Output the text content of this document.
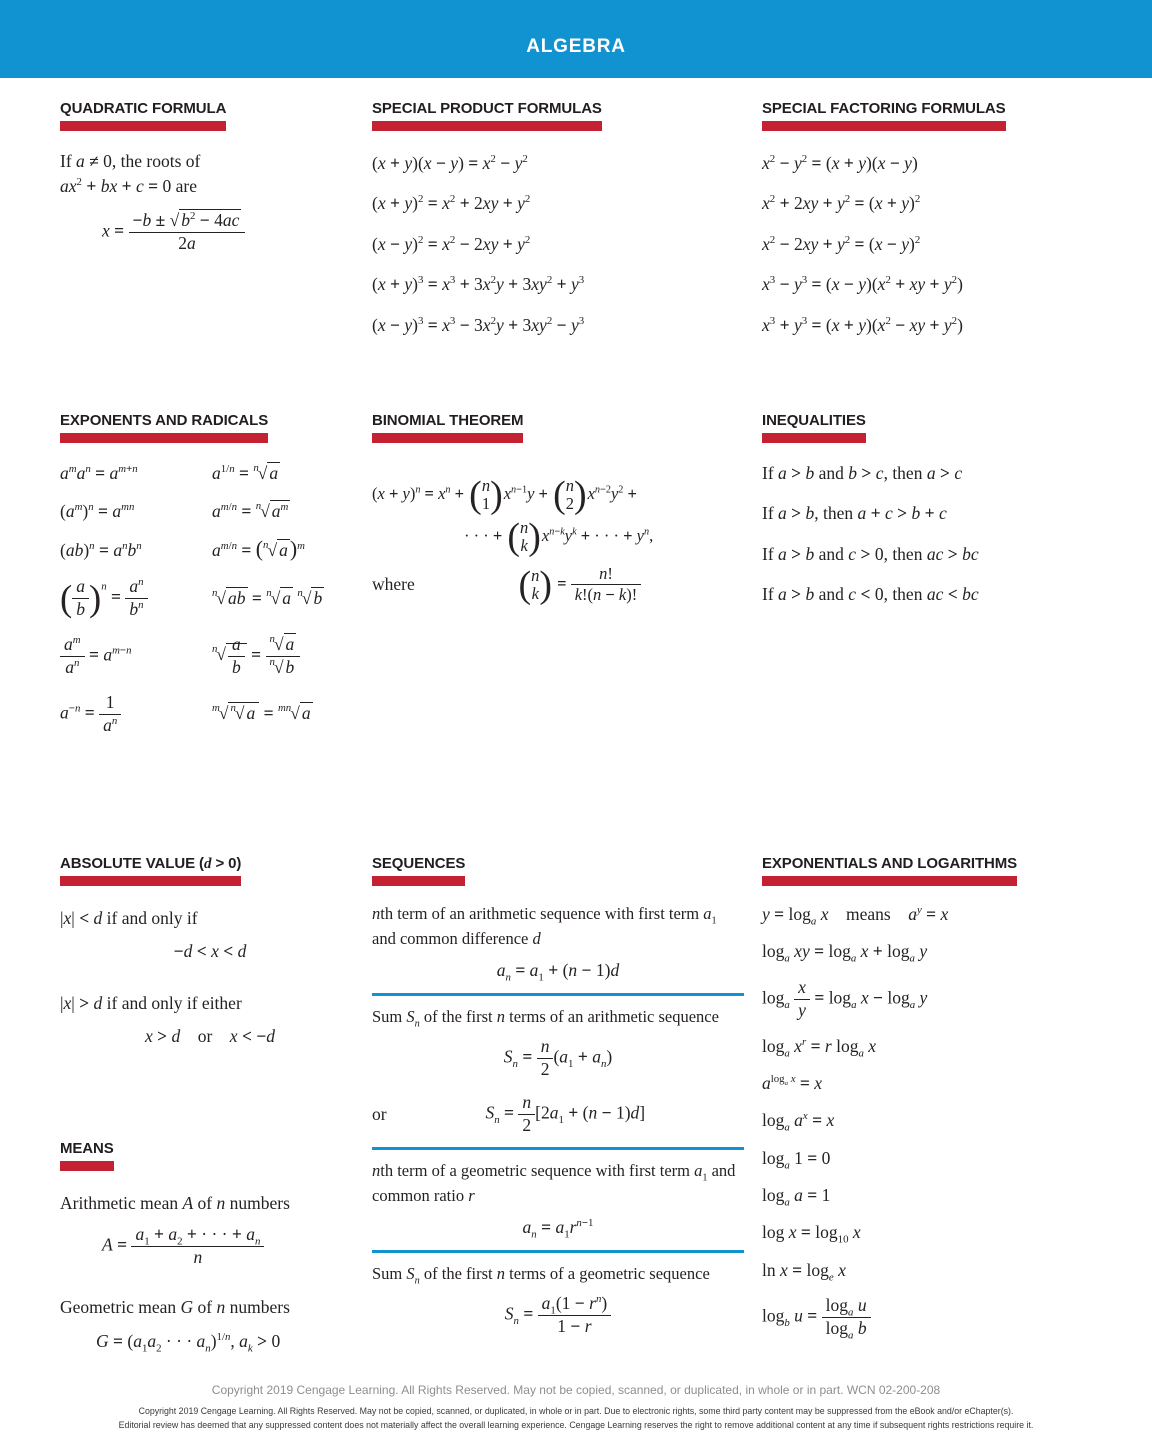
ALGEBRA
QUADRATIC FORMULA
If a ≠ 0, the roots of
$ax^2$ + bx + c = 0 are
$x = \frac{-b \pm √ b^2 - 4ac}{2a}$
SPECIAL PRODUCT FORMULAS
$(x + y)(x - y) = x^2 - y^2$
$(x + y)^2 = x^2 + 2xy + y^2$
$(x - y)^2 = x^2 - 2xy + y^2$
$(x + y)^3 = x^3 + 3x^2y + 3xy^2 + y^3$
$(x - y)^3 = x^3 - 3x^2y + 3xy^2 - y^3$
SPECIAL FACTORING FORMULAS
$x^2 - y^2 = (x + y)(x - y)$
$x^2 + 2xy + y^2 = (x + y)^2$
$x^2 - 2xy + y^2 = (x - y)^2$
$x^3 - y^3 = (x - y)(x^2$ + xy + $y^2$)
$x^3 + y^3 = (x + y)(x^2$ − xy + $y^2$)
EXPONENTS AND RADICALS
$a^ma^n = a^{m+n}$	$a^{1/n} = ^n√$ a
$(a^m)^n = a^{mn}$	$a^{m/n} = ^n√$ $a^m$
$(ab)^n = a^nb^n$	$a^{m/n} = (^n√$ a)$^m$
( $\frac{a}{b} )^n = \frac{a^n}{b^n}$	$^n$√ ab = $^n$√ a $^n$√ b
$\frac{a^m}{a^n} = a^{m-n}$	$^n√ \frac{a}{b} = \frac{^n√ a}{^n√ b}$
$a^{-n} = \frac{1}{a^n}$	$^m$√ $^n$√ a = $^{mn}$√ a
BINOMIAL THEOREM
$(x + y)^n = x^n$ + ( n
1 )$x^{n-1}y$ + ( n
2 )$x^{n-2}y^2$ +
· · · + ( n
k )$x^{n-k}y^k$ + · · · + $y^n$,
where	( n
k ) = $\frac{n!}{k!(n - k)!}$
INEQUALITIES
If a > b and b > c, then a > c
If a > b, then a + c > b + c
If a > b and c > 0, then ac > bc
If a > b and c < 0, then ac < bc
ABSOLUTE VALUE (d > 0)
|x| < d if and only if
−d < x < d
|x| > d if and only if either
x > d    or    x < −d
SEQUENCES
nth term of an arithmetic sequence with first term $a_1$ and common difference d
$a_n = a_1 + (n - 1)d$
Sum $S_n$ of the first n terms of an arithmetic sequence
$S_n = \frac{n}{2} (a_1 + a_n)$
or	$S_n = \frac{n}{2} [2a_1 + (n - 1)d]$
nth term of a geometric sequence with first term $a_1$ and common ratio r
$a_n = a_1r^{n-1}$
Sum $S_n$ of the first n terms of a geometric sequence
$S_n = \frac{a_1(1 - r^n)}{1 - r}$
EXPONENTIALS AND LOGARITHMS
$y = \log_a x$    means    $a^y = x$
$\log_a$ xy = $\log_a x + \log_a y$
$\log_a \frac{x}{y} = \log_a x - \log_a y$
$\log_a x^r = r$ $\log_a x$
$a^{log_a x} = x$
$\log_a a^x = x$
$\log_a 1 = 0$
$\log_a a = 1$
$\log x = \log_{10} x$
$\ln x = \log_e x$
$\log_b u = \frac{\log_a u}{\log_a b}$
MEANS
Arithmetic mean A of n numbers
$A = \frac{a_1 + a_2 + \cdot \cdot \cdot + a_n}{n}$
Geometric mean G of n numbers
$G = (a_1a_2$ · · · $a_n)^{1/n}$, $a_k > 0$
Copyright 2019 Cengage Learning. All Rights Reserved. May not be copied, scanned, or duplicated, in whole or in part. WCN 02-200-208
Copyright 2019 Cengage Learning. All Rights Reserved. May not be copied, scanned, or duplicated, in whole or in part. Due to electronic rights, some third party content may be suppressed from the eBook and/or eChapter(s).
Editorial review has deemed that any suppressed content does not materially affect the overall learning experience. Cengage Learning reserves the right to remove additional content at any time if subsequent rights restrictions require it.
